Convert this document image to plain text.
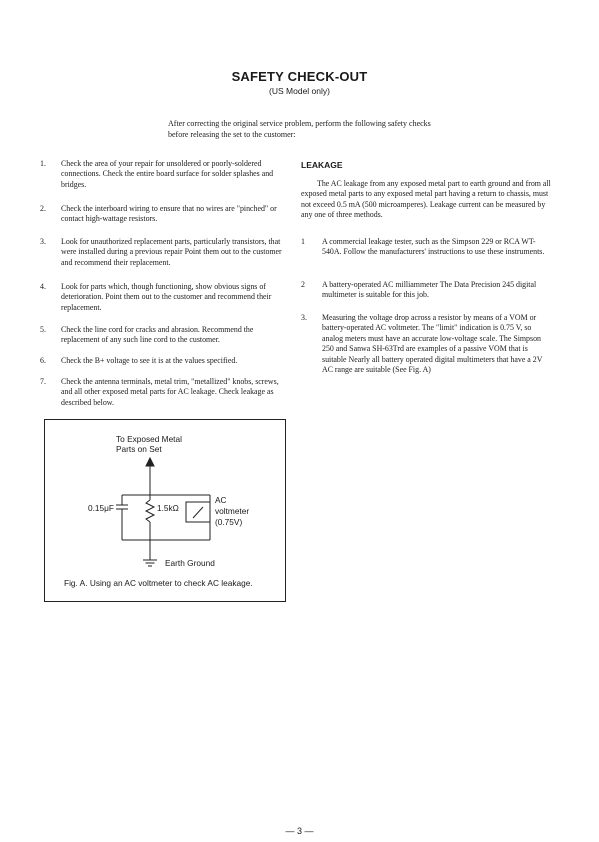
SAFETY CHECK-OUT
(US Model only)
After correcting the original service problem, perform the following safety checks before releasing the set to the customer:
1. Check the area of your repair for unsoldered or poorly-soldered connections. Check the entire board surface for solder splashes and bridges.
2. Check the interboard wiring to ensure that no wires are "pinched" or contact high-wattage resistors.
3. Look for unauthorized replacement parts, particularly transistors, that were installed during a previous repair Point them out to the customer and recommend their replacement.
4. Look for parts which, though functioning, show obvious signs of deterioration. Point them out to the customer and recommend their replacement.
5. Check the line cord for cracks and abrasion. Recommend the replacement of any such line cord to the customer.
6. Check the B+ voltage to see it is at the values specified.
7. Check the antenna terminals, metal trim, "metallized" knobs, screws, and all other exposed metal parts for AC leakage. Check leakage as described below.
LEAKAGE
The AC leakage from any exposed metal part to earth ground and from all exposed metal parts to any exposed metal part having a return to chassis, must not exceed 0.5 mA (500 microamperes). Leakage current can be measured by any one of three methods.
1 A commercial leakage tester, such as the Simpson 229 or RCA WT-540A. Follow the manufacturers' instructions to use these instruments.
2 A battery-operated AC milliammeter The Data Precision 245 digital multimeter is suitable for this job.
3. Measuring the voltage drop across a resistor by means of a VOM or battery-operated AC voltmeter. The "limit" indication is 0.75 V, so analog meters must have an accurate low-voltage scale. The Simpson 250 and Sanwa SH-63Trd are examples of a passive VOM that is suitable Nearly all battery operated digital multimeters that have a 2V AC range are suitable (See Fig. A)
To Exposed Metal
Parts on Set
0.15μF	1.5kΩ
AC
voltmeter
(0.75V)
Earth Ground
Fig. A. Using an AC voltmeter to check AC leakage.
— 3 —
